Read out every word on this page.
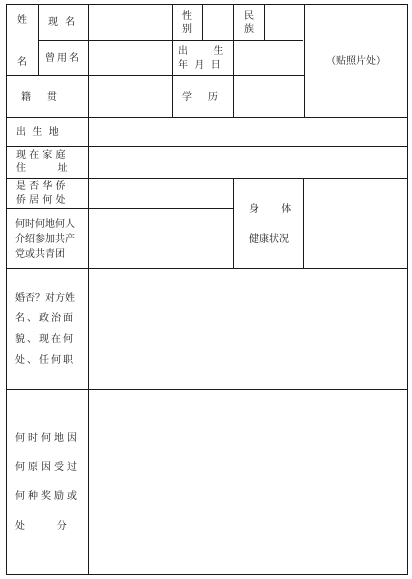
姓
名
现 名
曾用名
性
别
民
族
出        生
年  月  日
籍     贯	学     历
（贴照片处）
出  生  地
现 在 家 庭
住          址
是 否 华 侨
侨 居 何 处
何时何地何人
介绍参加共产
党或共青团
身       体
健康状况
婚否？对方姓
名、政治面
貌、现在何
处、任何职
何时何地因
何原因受过
何种奖励或
处          分
